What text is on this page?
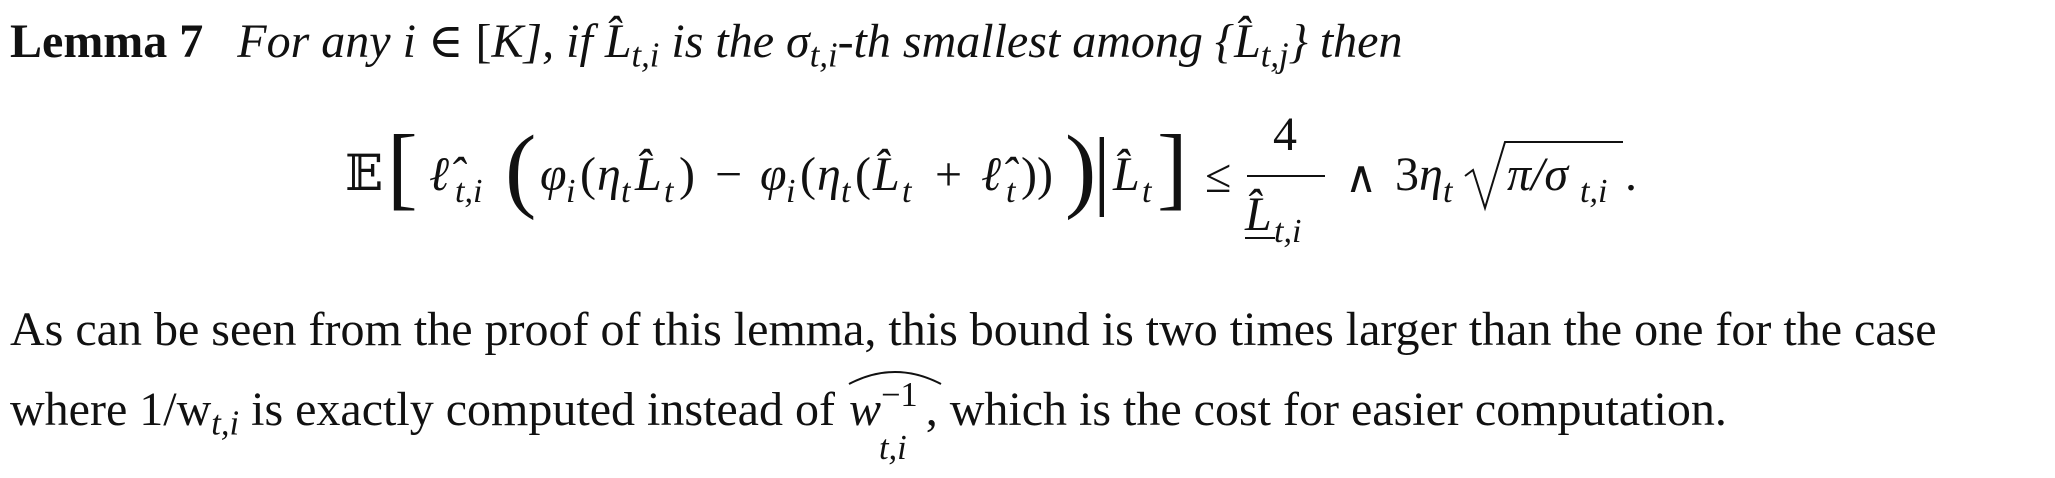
Lemma 7 For any i ∈ [K], if $L̂_{t,i}$ is the $\sigma_{t,i}-th$ smallest among $\{L̂_{t,j}\}$ then
𝔼 [ ℓ̂ t,i ( φ i ( η t L̂ t ) − φ i ( η t ( L̂ t + ℓ̂ t )) )
| L̂ t ] ≤
4
L̂ t,i
∧ 3 η t π/σ t,i .
As can be seen from the proof of this lemma, this bound is two times larger than the one for the case
where $1/w_{t,i}$ is exactly computed instead of
$w^{-1}$
t,i
, which is the cost for easier computation.
